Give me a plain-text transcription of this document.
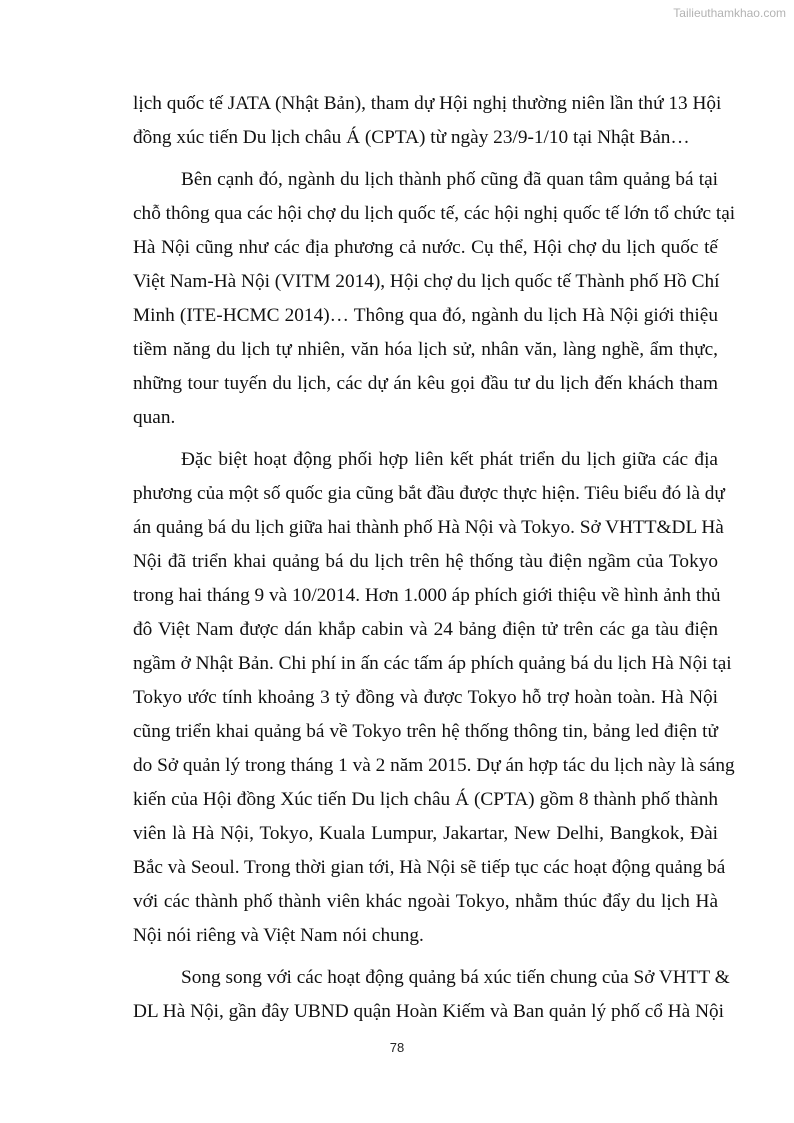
Tailieuthamkhao.com
lịch quốc tế JATA (Nhật Bản), tham dự Hội nghị thường niên lần thứ 13 Hội
đồng xúc tiến Du lịch châu Á (CPTA) từ ngày 23/9-1/10 tại Nhật Bản…
Bên cạnh đó, ngành du lịch thành phố cũng đã quan tâm quảng bá tại
chỗ thông qua các hội chợ du lịch quốc tế, các hội nghị quốc tế lớn tổ chức tại
Hà Nội cũng như các địa phương cả nước. Cụ thể, Hội chợ du lịch quốc tế
Việt Nam-Hà Nội (VITM 2014), Hội chợ du lịch quốc tế Thành phố Hồ Chí
Minh (ITE-HCMC 2014)… Thông qua đó, ngành du lịch Hà Nội giới thiệu
tiềm năng du lịch tự nhiên, văn hóa lịch sử, nhân văn, làng nghề, ẩm thực,
những tour tuyến du lịch, các dự án kêu gọi đầu tư du lịch đến khách tham
quan.
Đặc biệt hoạt động phối hợp liên kết phát triển du lịch giữa các địa
phương của một số quốc gia cũng bắt đầu được thực hiện. Tiêu biểu đó là dự
án quảng bá du lịch giữa hai thành phố Hà Nội và Tokyo. Sở VHTT&DL Hà
Nội đã triển khai quảng bá du lịch trên hệ thống tàu điện ngầm của Tokyo
trong hai tháng 9 và 10/2014. Hơn 1.000 áp phích giới thiệu về hình ảnh thủ
đô Việt Nam được dán khắp cabin và 24 bảng điện tử trên các ga tàu điện
ngầm ở Nhật Bản. Chi phí in ấn các tấm áp phích quảng bá du lịch Hà Nội tại
Tokyo ước tính khoảng 3 tỷ đồng và được Tokyo hỗ trợ hoàn toàn. Hà Nội
cũng triển khai quảng bá về Tokyo trên hệ thống thông tin, bảng led điện tử
do Sở quản lý trong tháng 1 và 2 năm 2015. Dự án hợp tác du lịch này là sáng
kiến của Hội đồng Xúc tiến Du lịch châu Á (CPTA) gồm 8 thành phố thành
viên là Hà Nội, Tokyo, Kuala Lumpur, Jakartar, New Delhi, Bangkok, Đài
Bắc và Seoul. Trong thời gian tới, Hà Nội sẽ tiếp tục các hoạt động quảng bá
với các thành phố thành viên khác ngoài Tokyo, nhằm thúc đẩy du lịch Hà
Nội nói riêng và Việt Nam nói chung.
Song song với các hoạt động quảng bá xúc tiến chung của Sở VHTT &
DL Hà Nội, gần đây UBND quận Hoàn Kiếm và Ban quản lý phố cổ Hà Nội
78
